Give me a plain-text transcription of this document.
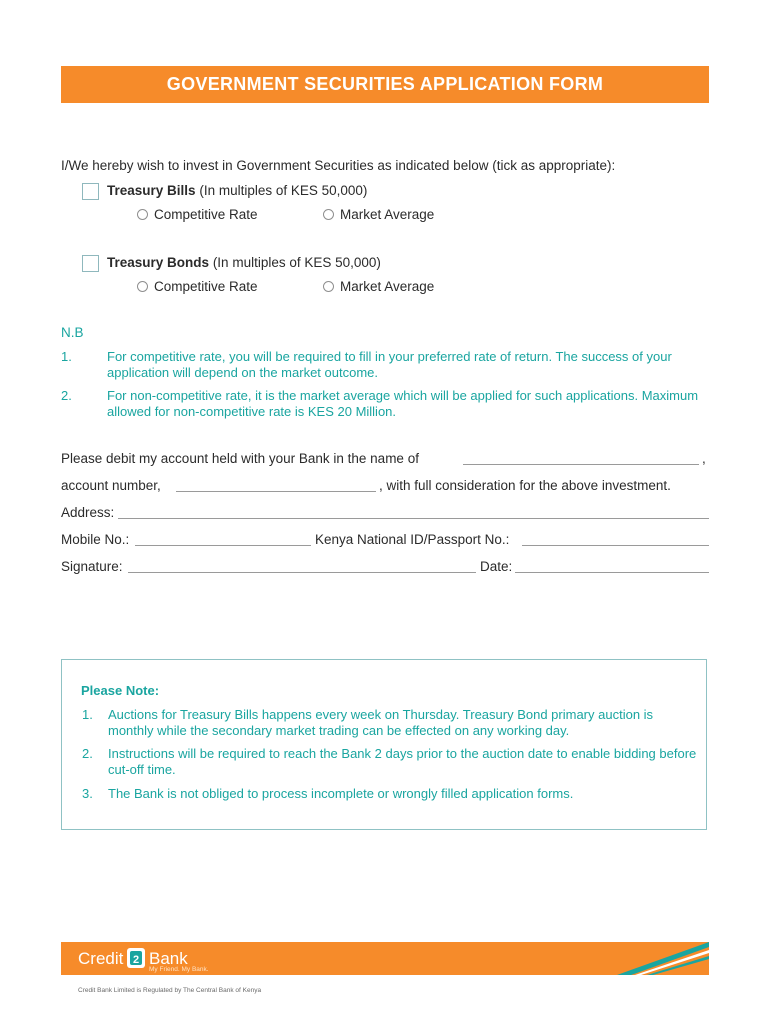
GOVERNMENT SECURITIES APPLICATION FORM
I/We hereby wish to invest in Government Securities as indicated below (tick as appropriate):
Treasury Bills (In multiples of KES 50,000)
Competitive Rate	Market Average
Treasury Bonds (In multiples of KES 50,000)
Competitive Rate	Market Average
N.B
1.	For competitive rate, you will be required to fill in your preferred rate of return. The success of your application will depend on the market outcome.
2.	For non-competitive rate, it is the market average which will be applied for such applications. Maximum allowed for non-competitive rate is KES 20 Million.
Please debit my account held with your Bank in the name of	,
account number,	, with full consideration for the above investment.
Address:
Mobile No.:	Kenya National ID/Passport No.:
Signature:	Date:
Please Note:
1. Auctions for Treasury Bills happens every week on Thursday. Treasury Bond primary auction is monthly while the secondary market trading can be effected on any working day.
2. Instructions will be required to reach the Bank 2 days prior to the auction date to enable bidding before cut-off time.
3. The Bank is not obliged to process incomplete or wrongly filled application forms.
Credit 2 Bank
My Friend. My Bank.
Credit Bank Limited is Regulated by The Central Bank of Kenya
